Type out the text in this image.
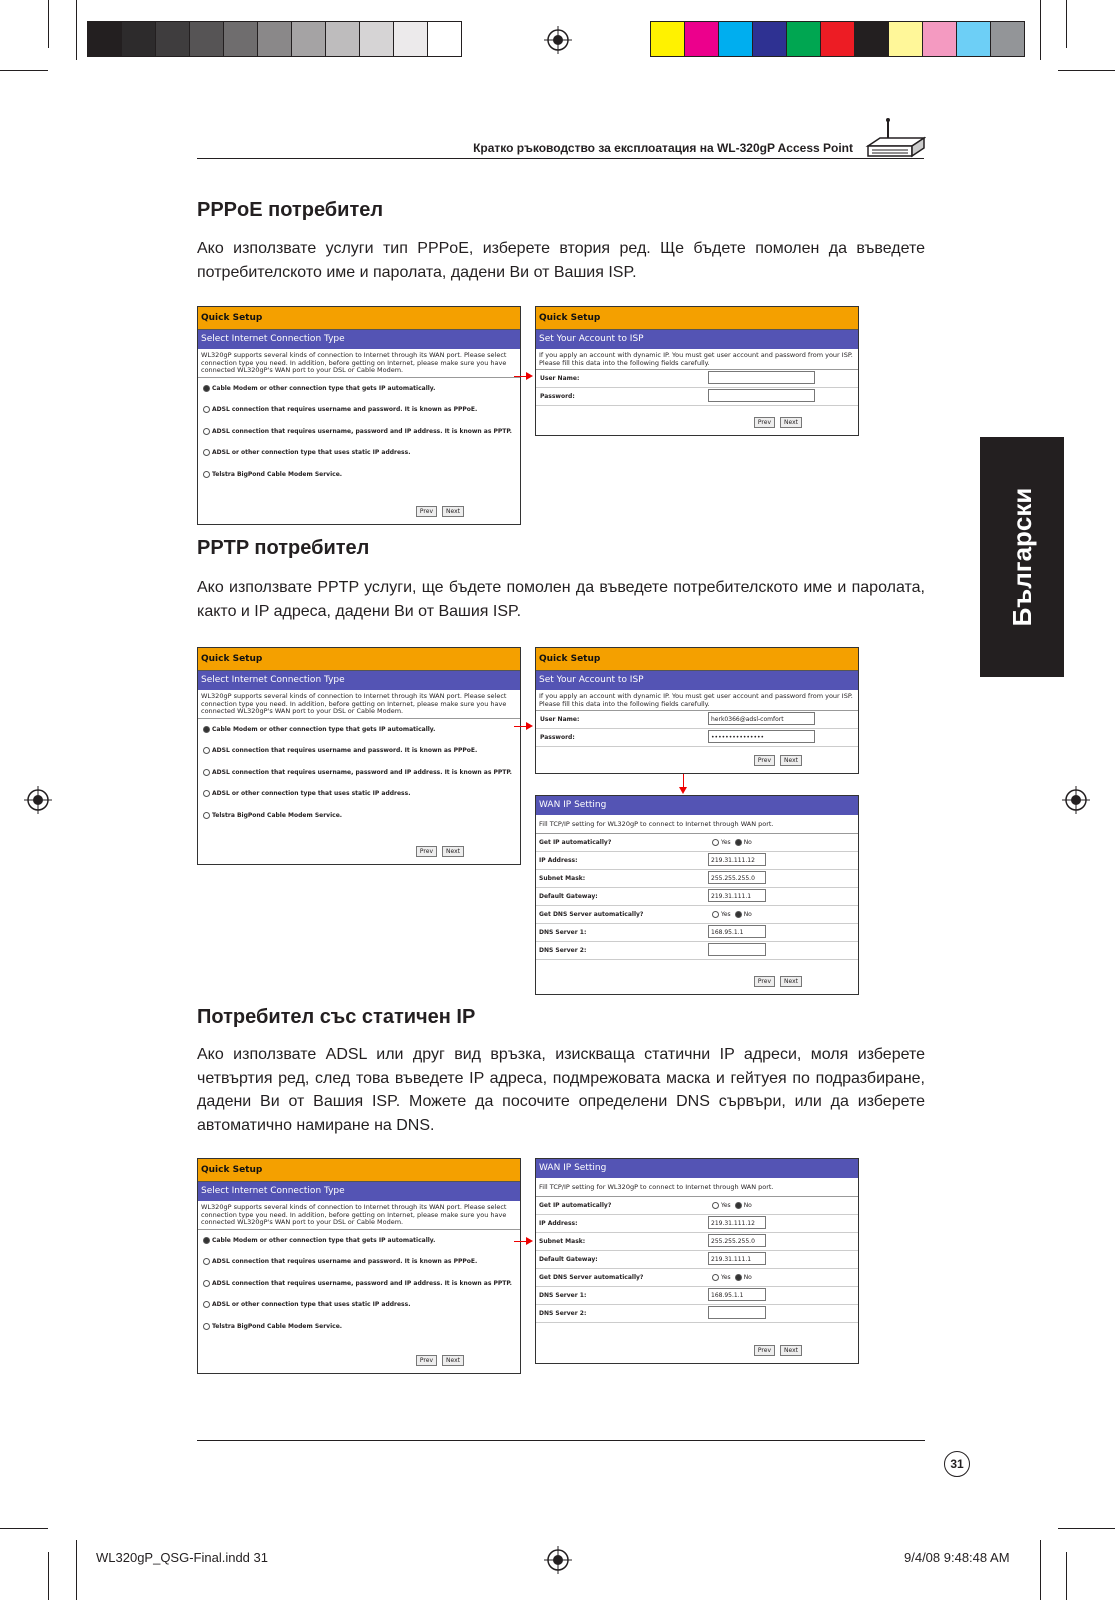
Кратко ръководство за експлоатация на WL-320gP Access Point
Български
PPPoE потребител
Ако използвате услуги тип PPPoE, изберете втория ред. Ще бъдете помолен да въведете потребителското име и паролата, дадени Ви от Вашия ISP.
PPTP потребител
Ако използвате PPTP услуги, ще бъдете помолен да въведете потребителското име и паролата, както и IP адреса, дадени Ви от Вашия ISP.
Потребител със статичен IP
Ако използвате ADSL или друг вид връзка, изискваща статични IP адреси, моля изберете четвъртия ред, след това въведете IP адреса, подмрежовата маска и гейтуея по подразбиране, дадени Ви от Вашия ISP. Можете да посочите определени DNS сървъри, или да изберете автоматично намиране на DNS.
Quick Setup
Select Internet Connection Type
WL320gP supports several kinds of connection to Internet through its WAN port. Please select connection type you need. In addition, before getting on Internet, please make sure you have connected WL320gP's WAN port to your DSL or Cable Modem.
Cable Modem or other connection type that gets IP automatically.
ADSL connection that requires username and password. It is known as PPPoE.
ADSL connection that requires username, password and IP address. It is known as PPTP.
ADSL or other connection type that uses static IP address.
Telstra BigPond Cable Modem Service.
Prev Next
Quick Setup
Set Your Account to ISP
If you apply an account with dynamic IP. You must get user account and password from your ISP. Please fill this data into the following fields carefully.
User Name:
Password:
Prev Next
Quick Setup
Select Internet Connection Type
WL320gP supports several kinds of connection to Internet through its WAN port. Please select connection type you need. In addition, before getting on Internet, please make sure you have connected WL320gP's WAN port to your DSL or Cable Modem.
Cable Modem or other connection type that gets IP automatically.
ADSL connection that requires username and password. It is known as PPPoE.
ADSL connection that requires username, password and IP address. It is known as PPTP.
ADSL or other connection type that uses static IP address.
Telstra BigPond Cable Modem Service.
Prev Next
Quick Setup
Set Your Account to ISP
If you apply an account with dynamic IP. You must get user account and password from your ISP. Please fill this data into the following fields carefully.
User Name:	herk0366@adsl-comfort
Password:	•••••••••••••••
Prev Next
WAN IP Setting
Fill TCP/IP setting for WL320gP to connect to Internet through WAN port.
Get IP automatically?	Yes No
IP Address:	219.31.111.12
Subnet Mask:	255.255.255.0
Default Gateway:	219.31.111.1
Get DNS Server automatically?	Yes No
DNS Server 1:	168.95.1.1
DNS Server 2:
Prev Next
Quick Setup
Select Internet Connection Type
WL320gP supports several kinds of connection to Internet through its WAN port. Please select connection type you need. In addition, before getting on Internet, please make sure you have connected WL320gP's WAN port to your DSL or Cable Modem.
Cable Modem or other connection type that gets IP automatically.
ADSL connection that requires username and password. It is known as PPPoE.
ADSL connection that requires username, password and IP address. It is known as PPTP.
ADSL or other connection type that uses static IP address.
Telstra BigPond Cable Modem Service.
Prev Next
WAN IP Setting
Fill TCP/IP setting for WL320gP to connect to Internet through WAN port.
Get IP automatically?	Yes No
IP Address:	219.31.111.12
Subnet Mask:	255.255.255.0
Default Gateway:	219.31.111.1
Get DNS Server automatically?	Yes No
DNS Server 1:	168.95.1.1
DNS Server 2:
Prev Next
31
WL320gP_QSG-Final.indd 31	9/4/08 9:48:48 AM
